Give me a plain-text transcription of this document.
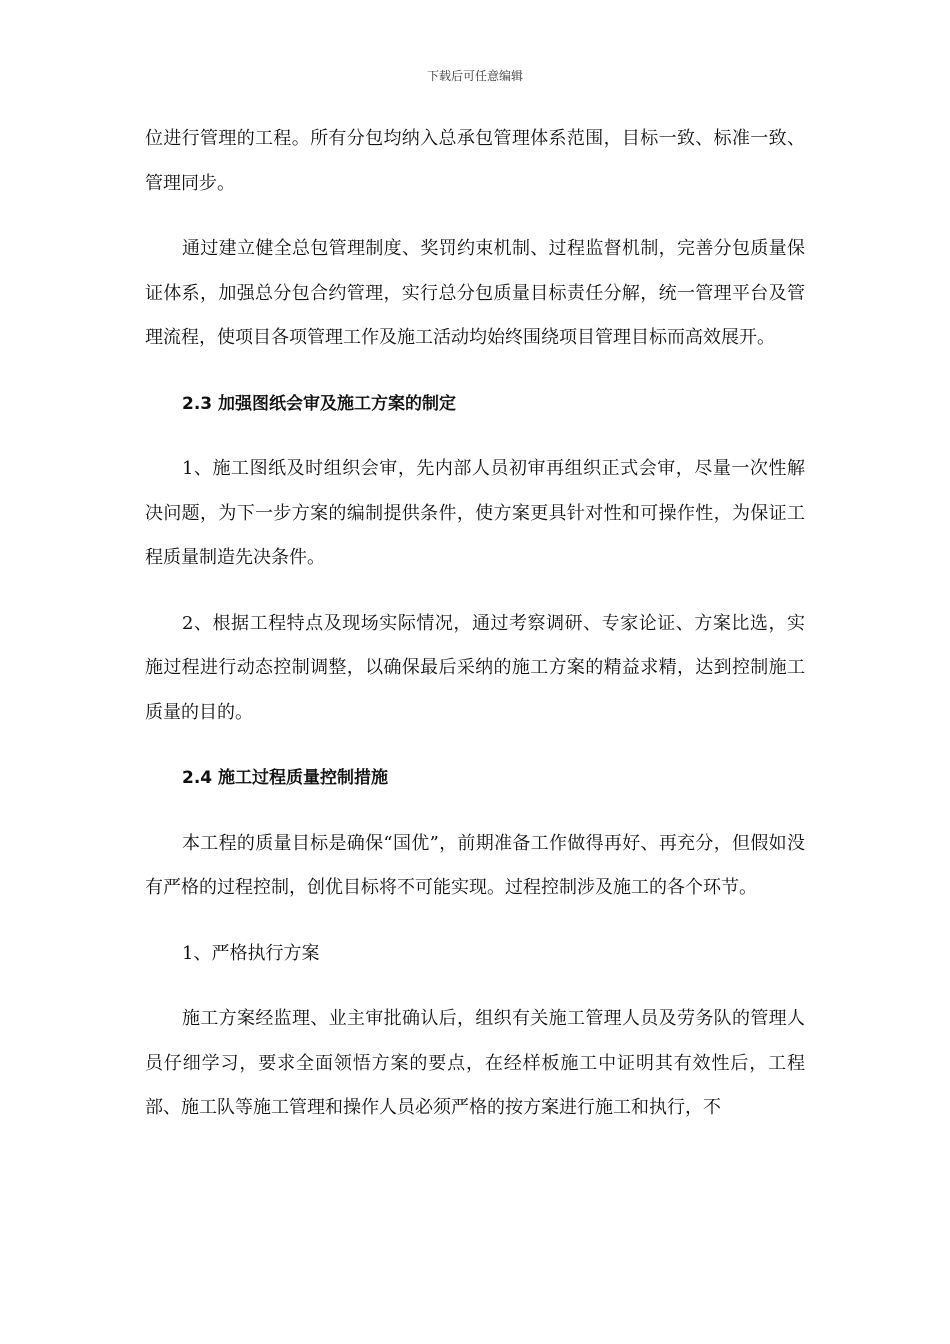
下载后可任意编辑

位进行管理的工程。所有分包均纳入总承包管理体系范围，目标一致、标准一致、管理同步。

通过建立健全总包管理制度、奖罚约束机制、过程监督机制，完善分包质量保证体系，加强总分包合约管理，实行总分包质量目标责任分解，统一管理平台及管理流程，使项目各项管理工作及施工活动均始终围绕项目管理目标而高效展开。

2.3 加强图纸会审及施工方案的制定

1、施工图纸及时组织会审，先内部人员初审再组织正式会审，尽量一次性解决问题，为下一步方案的编制提供条件，使方案更具针对性和可操作性，为保证工程质量制造先决条件。

2、根据工程特点及现场实际情况，通过考察调研、专家论证、方案比选，实施过程进行动态控制调整，以确保最后采纳的施工方案的精益求精，达到控制施工质量的目的。

2.4 施工过程质量控制措施

本工程的质量目标是确保“国优”，前期准备工作做得再好、再充分，但假如没有严格的过程控制，创优目标将不可能实现。过程控制涉及施工的各个环节。

1、严格执行方案

施工方案经监理、业主审批确认后，组织有关施工管理人员及劳务队的管理人员仔细学习，要求全面领悟方案的要点，在经样板施工中证明其有效性后，工程部、施工队等施工管理和操作人员必须严格的按方案进行施工和执行，不
